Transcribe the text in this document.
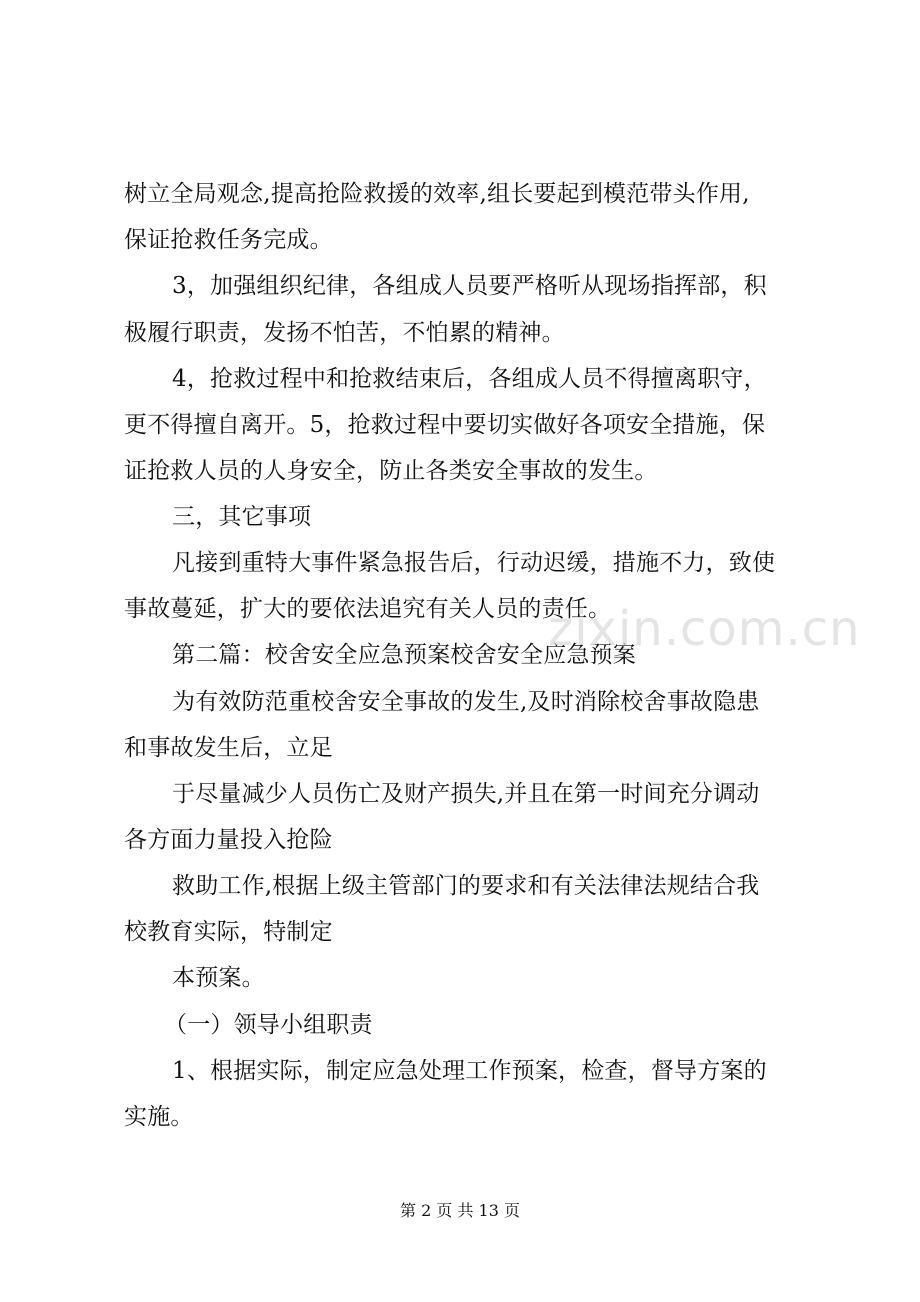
树立全局观念,提高抢险救援的效率,组长要起到模范带头作用,
保证抢救任务完成。
3，加强组织纪律，各组成人员要严格听从现场指挥部，积
极履行职责，发扬不怕苦，不怕累的精神。
4，抢救过程中和抢救结束后，各组成人员不得擅离职守，
更不得擅自离开。5，抢救过程中要切实做好各项安全措施，保
证抢救人员的人身安全，防止各类安全事故的发生。
三，其它事项
凡接到重特大事件紧急报告后，行动迟缓，措施不力，致使
事故蔓延，扩大的要依法追究有关人员的责任。
第二篇：校舍安全应急预案校舍安全应急预案
为有效防范重校舍安全事故的发生,及时消除校舍事故隐患
和事故发生后，立足
于尽量减少人员伤亡及财产损失,并且在第一时间充分调动
各方面力量投入抢险
救助工作,根据上级主管部门的要求和有关法律法规结合我
校教育实际，特制定
本预案。
（一）领导小组职责
1、根据实际，制定应急处理工作预案，检查，督导方案的
实施。
zixin.com.cn
第 2 页 共 13 页
